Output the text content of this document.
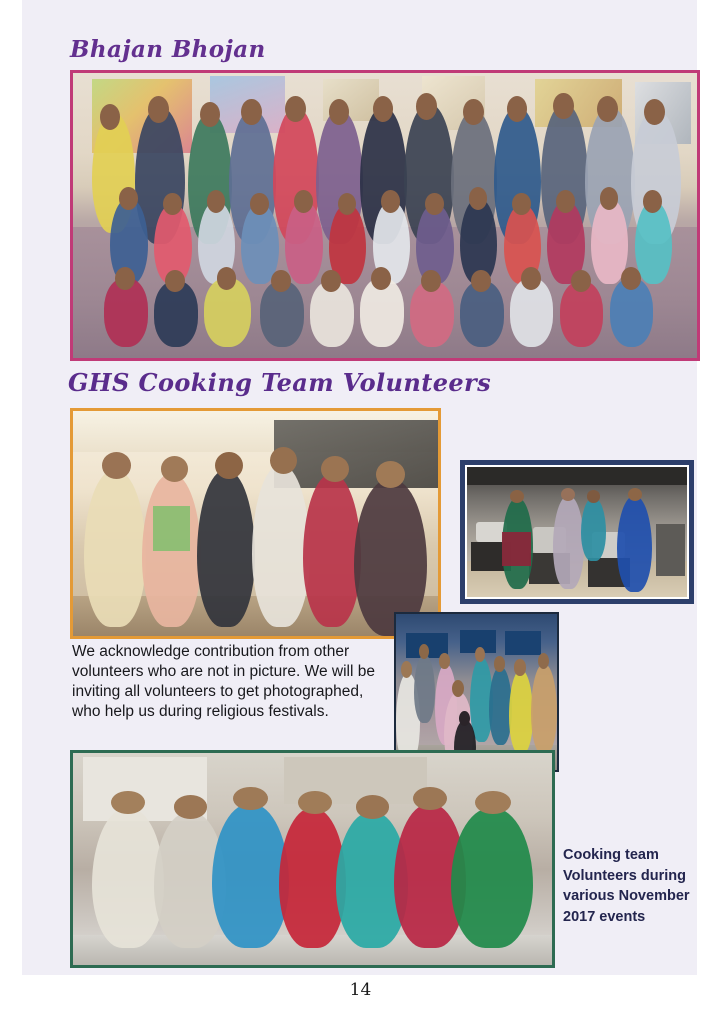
Bhajan Bhojan
GHS Cooking Team Volunteers
We acknowledge contribution from other volunteers who are not in picture. We will be inviting all volunteers to get photographed, who help us during religious festivals.
Cooking team Volunteers during various November 2017 events
14
